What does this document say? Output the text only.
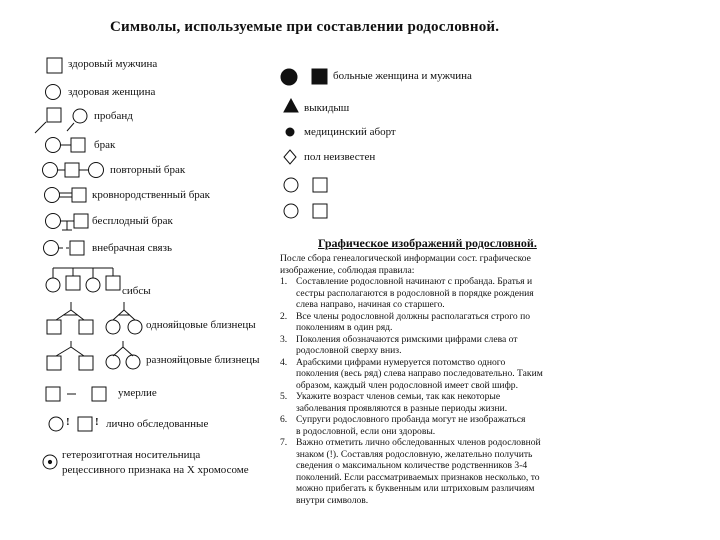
Символы, используемые при составлении родословной.
здоровый мужчина
здоровая женщина
пробанд
брак
повторный брак
кровнородственный брак
бесплодный брак
внебрачная связь
сибсы
однояйцовые близнецы
разнояйцовые близнецы
умерлие
! ! лично обследованные
гетерозиготная носительница
рецессивного признака на Х хромосоме
больные женщина и мужчина
выкидыш
медицинский аборт
пол неизвестен
Графическое изображений родословной.
После сбора генеалогической информации сост. графическое
изображение, соблюдая правила:
1. Составление родословной начинают с пробанда. Братья и
сестры располагаются в родословной в порядке рождения
слева направо, начиная со старшего.
2. Все члены родословной должны располагаться строго по
поколениям в один ряд.
3. Поколения обозначаются римскими цифрами слева от
родословной сверху вниз.
4. Арабскими цифрами нумеруется потомство одного
поколения (весь ряд) слева направо последовательно. Таким
образом, каждый член родословной имеет свой шифр.
5. Укажите возраст членов семьи, так как некоторые
заболевания проявляются в разные периоды жизни.
6. Супруги родословного пробанда могут не изображаться
в родословной, если они здоровы.
7. Важно отметить лично обследованных членов родословной
знаком (!). Составляя родословную, желательно получить
сведения о максимальном количестве родственников 3-4
поколений. Если рассматриваемых признаков несколько, то
можно прибегать к буквенным или штриховым различиям
внутри символов.
